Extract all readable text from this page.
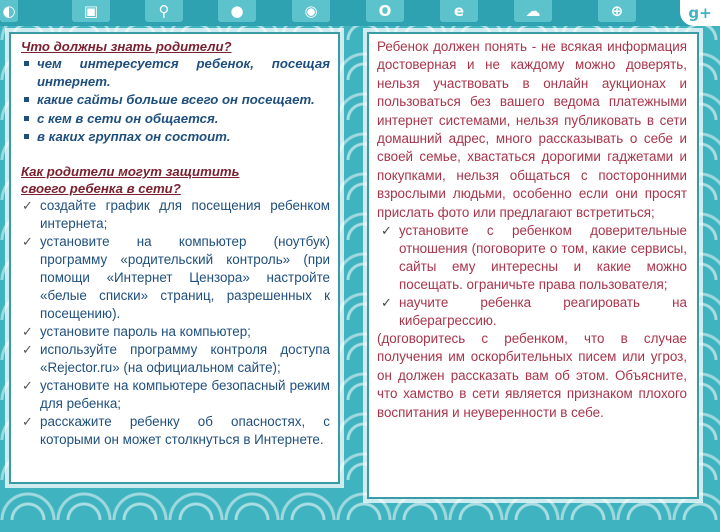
◐	▣	⚲	●	◉	O	e	☁	⊕	g+
Что должны знать родители?
чем интересуется ребенок, посещая интернет.
какие сайты больше всего он посещает.
с кем в сети он общается.
в каких группах он состоит.
Как родители могут защитить
своего ребенка в сети?
✓ создайте график для посещения ребенком интернета;
✓ установите на компьютер (ноутбук) программу «родительский контроль» (при помощи «Интернет Цензора» настройте «белые списки» страниц, разрешенных к посещению).
✓ установите пароль на компьютер;
✓ используйте программу контроля доступа «Rejector.ru» (на официальном сайте);
✓ установите на компьютере безопасный режим для ребенка;
✓ расскажите ребенку об опасностях, с которыми он может столкнуться в Интернете.

Ребенок должен понять - не всякая информация достоверная и не каждому можно доверять, нельзя участвовать в онлайн аукционах и пользоваться без вашего ведома платежными интернет системами, нельзя публиковать в сети домашний адрес, много рассказывать о себе и своей семье, хвастаться дорогими гаджетами и покупками, нельзя общаться с посторонними взрослыми людьми, особенно если они просят прислать фото или предлагают встретиться;

✓ установите с ребенком доверительные отношения (поговорите о том, какие сервисы, сайты ему интересны и какие можно посещать. ограничьте права пользователя;
✓ научите ребенка реагировать на киберагрессию.

(договоритесь с ребенком, что в случае получения им оскорбительных писем или угроз, он должен рассказать вам об этом. Объясните, что хамство в сети является признаком плохого воспитания и неуверенности в себе.
